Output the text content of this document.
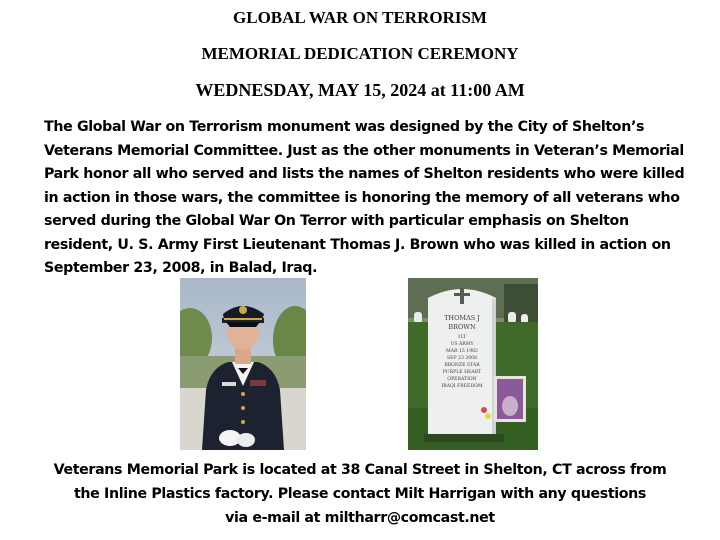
GLOBAL WAR ON TERRORISM
MEMORIAL DEDICATION CEREMONY
WEDNESDAY, MAY 15, 2024 at 11:00 AM

The Global War on Terrorism monument was designed by the City of Shelton’s Veterans Memorial Committee. Just as the other monuments in Veteran’s Memorial Park honor all who served and lists the names of Shelton residents who were killed in action in those wars, the committee is honoring the memory of all veterans who served during the Global War On Terror with particular emphasis on Shelton resident, U. S. Army First Lieutenant Thomas J. Brown who was killed in action on September 23, 2008, in Balad, Iraq.

THOMAS J
BROWN
1LT
US ARMY
MAR 15 1982
SEP 23 2008
BRONZE STAR
PURPLE HEART
OPERATION
IRAQI FREEDOM

Veterans Memorial Park is located at 38 Canal Street in Shelton, CT across from
the Inline Plastics factory. Please contact Milt Harrigan with any questions
via e-mail at miltharr@comcast.net
